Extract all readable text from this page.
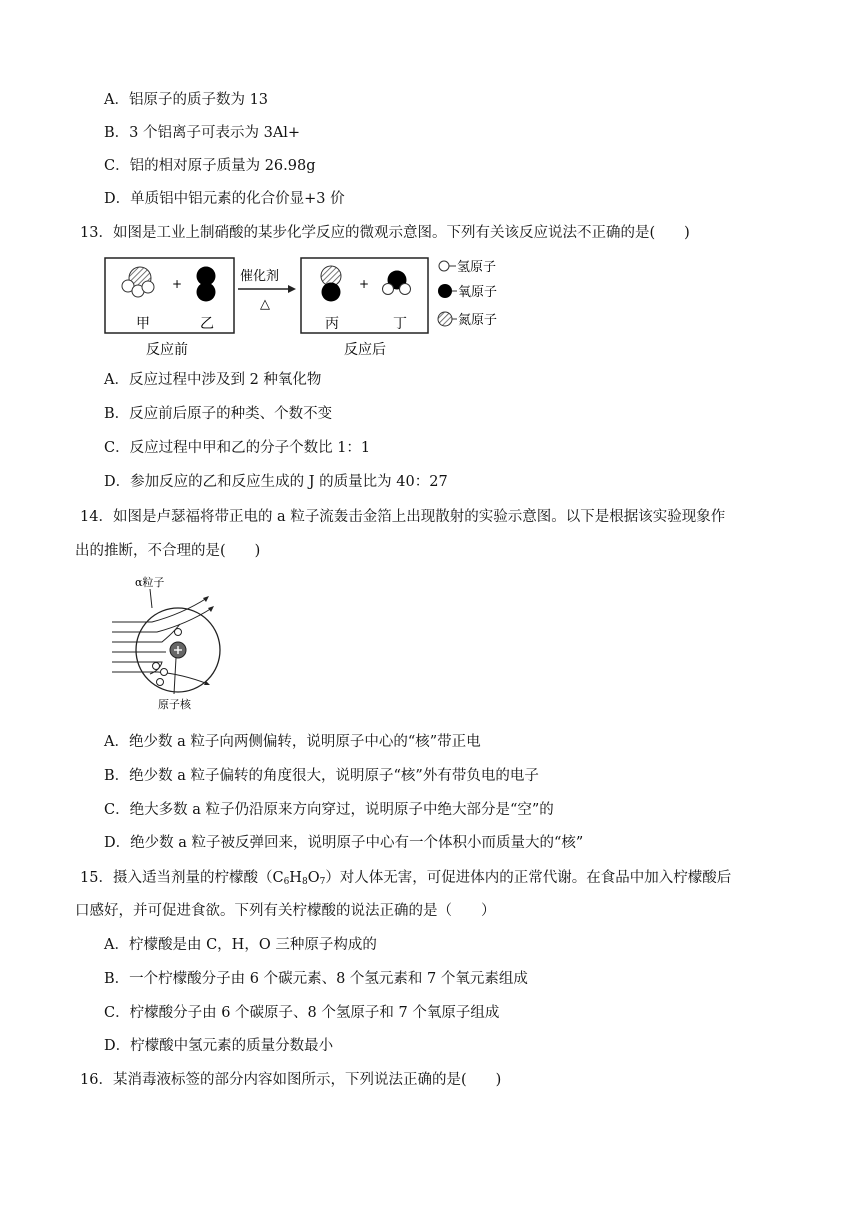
A．铝原子的质子数为 13
B．3 个铝离子可表示为 3Al+
C．铝的相对原子质量为 26.98g
D．单质铝中铝元素的化合价显+3 价
13．如图是工业上制硝酸的某步化学反应的微观示意图。下列有关该反应说法不正确的是(　　)
+
甲	乙
催化剂
△
+
丙	丁
反应前	反应后
氢原子
氧原子
氮原子
A．反应过程中涉及到 2 种氧化物
B．反应前后原子的种类、个数不变
C．反应过程中甲和乙的分子个数比 1：1
D．参加反应的乙和反应生成的 J 的质量比为 40：27
14．如图是卢瑟福将带正电的 a 粒子流轰击金箔上出现散射的实验示意图。以下是根据该实验现象作
出的推断，不合理的是(　　)
α粒子
原子核
A．绝少数 a 粒子向两侧偏转，说明原子中心的“核”带正电
B．绝少数 a 粒子偏转的角度很大，说明原子“核”外有带负电的电子
C．绝大多数 a 粒子仍沿原来方向穿过，说明原子中绝大部分是“空”的
D．绝少数 a 粒子被反弹回来，说明原子中心有一个体积小而质量大的“核”
15．摄入适当剂量的柠檬酸$(C_6H_8O_7)$对人体无害，可促进体内的正常代谢。在食品中加入柠檬酸后
口感好，并可促进食欲。下列有关柠檬酸的说法正确的是（　　）
A．柠檬酸是由 C，H，O 三种原子构成的
B．一个柠檬酸分子由 6 个碳元素、8 个氢元素和 7 个氧元素组成
C．柠檬酸分子由 6 个碳原子、8 个氢原子和 7 个氧原子组成
D．柠檬酸中氢元素的质量分数最小
16．某消毒液标签的部分内容如图所示，下列说法正确的是(　　)
